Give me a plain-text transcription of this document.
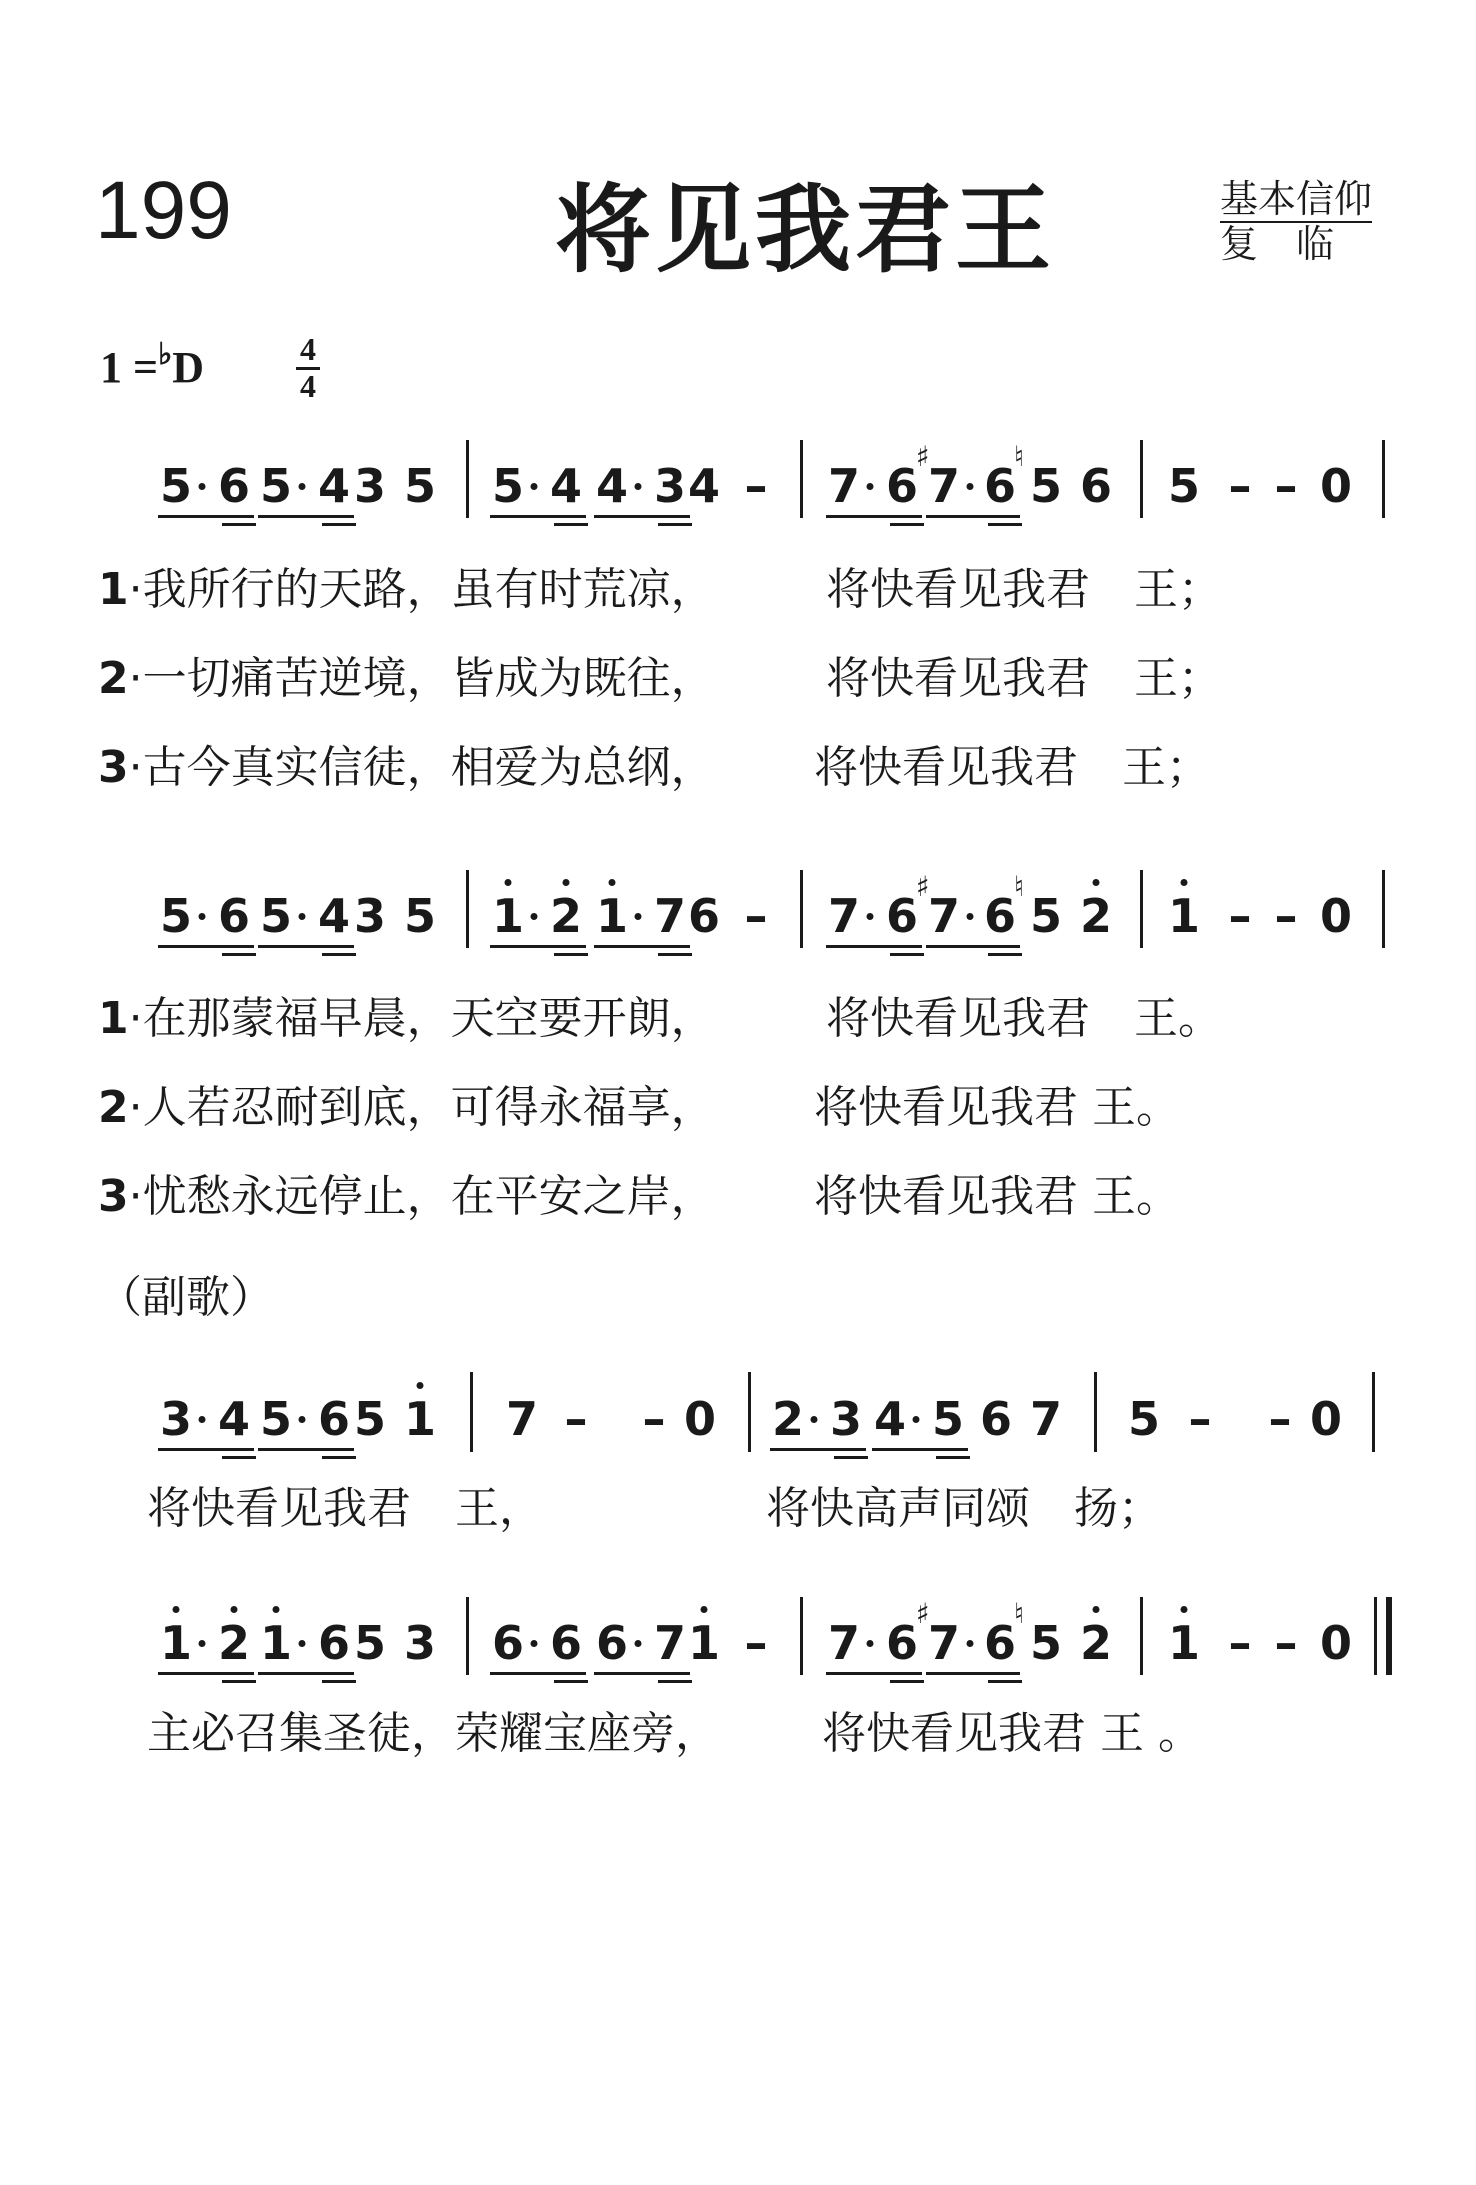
199	将见我君王	基本信仰
复　临
1 =♭D	4
4
5 6 5 4 3 5 5 4 4 3 4 – 7 6
♯
7 6
♮
5 6 5 – – 0
5 6 5 4 3 5 1 2 1 7 6 – 7 6
♯
7 6
♮
5 2 1 – – 0
3 4 5 6 5 1 7 – – 0 2 3 4 5 6 7 5 – – 0
1 2 1 6 5 3 6 6 6 7 1 – 7 6
♯
7 6
♮
5 2 1 – – 0
1·我所行的天路，虽有时荒凉，	将快看见我君　王；
2·一切痛苦逆境，皆成为既往，	将快看见我君　王；
3·古今真实信徒，相爱为总纲， 将快看见我君　王；
1·在那蒙福早晨，天空要开朗，	将快看见我君　王。
2·人若忍耐到底，可得永福享， 将快看见我君 王。
3·忧愁永远停止，在平安之岸， 将快看见我君 王。
（副歌）
将快看见我君　王，	将快高声同颂　扬；
主必召集圣徒，荣耀宝座旁， 将快看见我君 王 。
